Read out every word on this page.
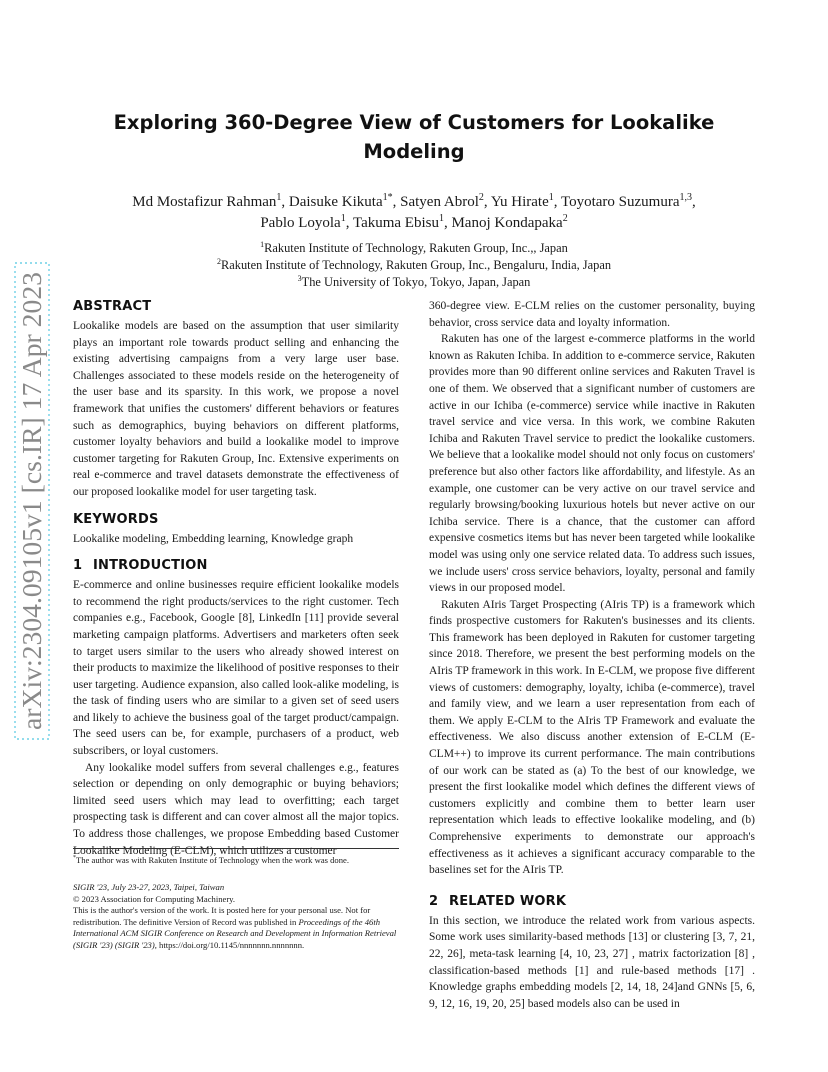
arXiv:2304.09105v1 [cs.IR] 17 Apr 2023
Exploring 360-Degree View of Customers for Lookalike
Modeling
Md Mostafizur Rahman$^1$, Daisuke Kikuta$^{1*}$, Satyen Abrol$^2$, Yu Hirate$^1$, Toyotaro Suzumura$^{1,3}$,
Pablo Loyola$^1$, Takuma Ebisu$^1$, Manoj Kondapaka$^2$
$^1$Rakuten Institute of Technology, Rakuten Group, Inc.,, Japan
$^2$Rakuten Institute of Technology, Rakuten Group, Inc., Bengaluru, India, Japan
$^3$The University of Tokyo, Tokyo, Japan, Japan
ABSTRACT

Lookalike models are based on the assumption that user similarity plays an important role towards product selling and enhancing the existing advertising campaigns from a very large user base. Challenges associated to these models reside on the heterogeneity of the user base and its sparsity. In this work, we propose a novel framework that unifies the customers' different behaviors or features such as demographics, buying behaviors on different platforms, customer loyalty behaviors and build a lookalike model to improve customer targeting for Rakuten Group, Inc. Extensive experiments on real e-commerce and travel datasets demonstrate the effectiveness of our proposed lookalike model for user targeting task.

KEYWORDS

Lookalike modeling, Embedding learning, Knowledge graph

1 INTRODUCTION

E-commerce and online businesses require efficient lookalike models to recommend the right products/services to the right customer. Tech companies e.g., Facebook, Google [8], LinkedIn [11] provide several marketing campaign platforms. Advertisers and marketers often seek to target users similar to the users who already showed interest on their products to maximize the likelihood of positive responses to their user targeting. Audience expansion, also called look-alike modeling, is the task of finding users who are similar to a given set of seed users and likely to achieve the business goal of the target product/campaign. The seed users can be, for example, purchasers of a product, web subscribers, or loyal customers.

Any lookalike model suffers from several challenges e.g., features selection or depending on only demographic or buying behaviors; limited seed users which may lead to overfitting; each target prospecting task is different and can cover almost all the major topics. To address those challenges, we propose Embedding based Customer Lookalike Modeling (E-CLM), which utilizes a customer

*The author was with Rakuten Institute of Technology when the work was done.

SIGIR '23, July 23-27, 2023, Taipei, Taiwan

© 2023 Association for Computing Machinery.

This is the author's version of the work. It is posted here for your personal use. Not for redistribution. The definitive Version of Record was published in Proceedings of the 46th International ACM SIGIR Conference on Research and Development in Information Retrieval (SIGIR '23) (SIGIR '23), https://doi.org/10.1145/nnnnnnn.nnnnnnn.

360-degree view. E-CLM relies on the customer personality, buying behavior, cross service data and loyalty information.

Rakuten has one of the largest e-commerce platforms in the world known as Rakuten Ichiba. In addition to e-commerce service, Rakuten provides more than 90 different online services and Rakuten Travel is one of them. We observed that a significant number of customers are active in our Ichiba (e-commerce) service while inactive in Rakuten travel service and vice versa. In this work, we combine Rakuten Ichiba and Rakuten Travel service to predict the lookalike customers. We believe that a lookalike model should not only focus on customers' preference but also other factors like affordability, and lifestyle. As an example, one customer can be very active on our travel service and regularly browsing/booking luxurious hotels but never active on our Ichiba service. There is a chance, that the customer can afford expensive cosmetics items but has never been targeted while lookalike model was using only one service related data. To address such issues, we include users' cross service behaviors, loyalty, personal and family views in our proposed model.

Rakuten AIris Target Prospecting (AIris TP) is a framework which finds prospective customers for Rakuten's businesses and its clients. This framework has been deployed in Rakuten for customer targeting since 2018. Therefore, we present the best performing models on the AIris TP framework in this work. In E-CLM, we propose five different views of customers: demography, loyalty, ichiba (e-commerce), travel and family view, and we learn a user representation from each of them. We apply E-CLM to the AIris TP Framework and evaluate the effectiveness. We also discuss another extension of E-CLM (E-CLM++) to improve its current performance. The main contributions of our work can be stated as (a) To the best of our knowledge, we present the first lookalike model which defines the different views of customers explicitly and combine them to better learn user representation which leads to effective lookalike modeling, and (b) Comprehensive experiments to demonstrate our approach's effectiveness as it achieves a significant accuracy comparable to the baselines set for the AIris TP.

2 RELATED WORK

In this section, we introduce the related work from various aspects. Some work uses similarity-based methods [13] or clustering [3, 7, 21, 22, 26], meta-task learning [4, 10, 23, 27] , matrix factorization [8] , classification-based methods [1] and rule-based methods [17] . Knowledge graphs embedding models [2, 14, 18, 24]and GNNs [5, 6, 9, 12, 16, 19, 20, 25] based models also can be used in
